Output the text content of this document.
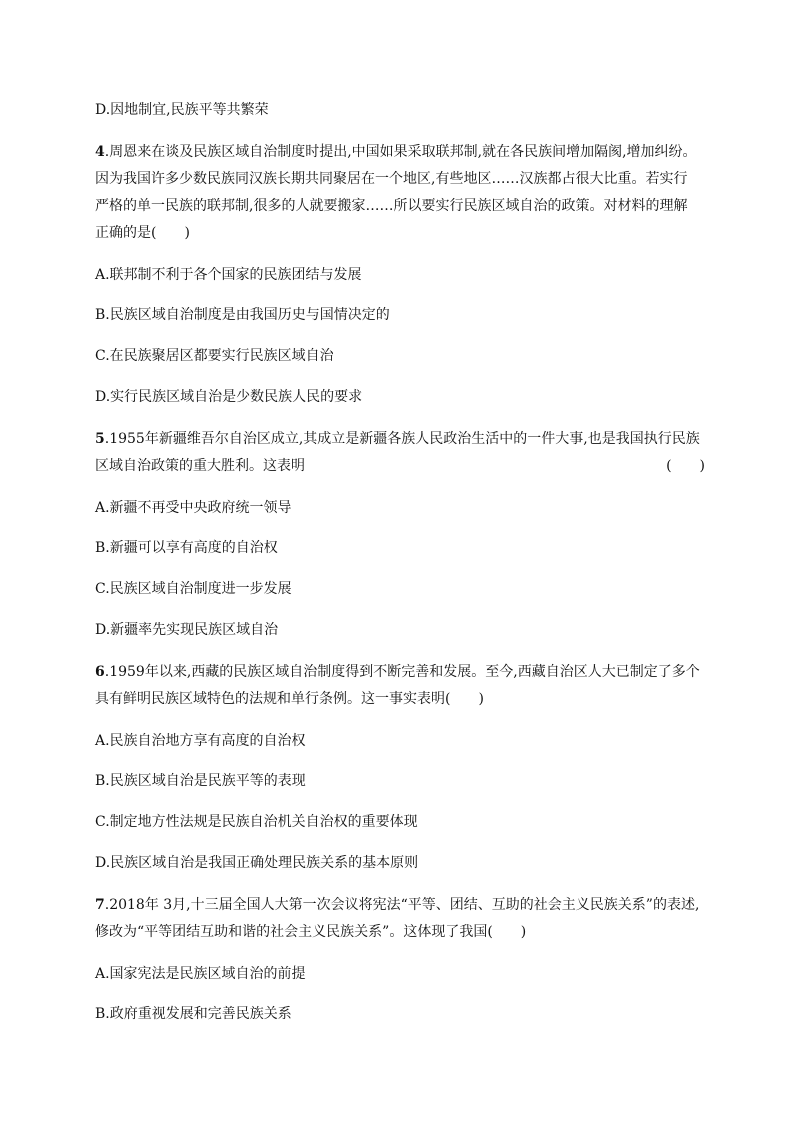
D.因地制宜,民族平等共繁荣
4.周恩来在谈及民族区域自治制度时提出,中国如果采取联邦制,就在各民族间增加隔阂,增加纠纷。
因为我国许多少数民族同汉族长期共同聚居在一个地区,有些地区……汉族都占很大比重。若实行
严格的单一民族的联邦制,很多的人就要搬家……所以要实行民族区域自治的政策。对材料的理解
正确的是(　　)
A.联邦制不利于各个国家的民族团结与发展
B.民族区域自治制度是由我国历史与国情决定的
C.在民族聚居区都要实行民族区域自治
D.实行民族区域自治是少数民族人民的要求
5.1955年新疆维吾尔自治区成立,其成立是新疆各族人民政治生活中的一件大事,也是我国执行民族
区域自治政策的重大胜利。这表明	(　　)
A.新疆不再受中央政府统一领导
B.新疆可以享有高度的自治权
C.民族区域自治制度进一步发展
D.新疆率先实现民族区域自治
6.1959年以来,西藏的民族区域自治制度得到不断完善和发展。至今,西藏自治区人大已制定了多个
具有鲜明民族区域特色的法规和单行条例。这一事实表明(　　)
A.民族自治地方享有高度的自治权
B.民族区域自治是民族平等的表现
C.制定地方性法规是民族自治机关自治权的重要体现
D.民族区域自治是我国正确处理民族关系的基本原则
7.2018年 3月,十三届全国人大第一次会议将宪法“平等、团结、互助的社会主义民族关系”的表述,
修改为“平等团结互助和谐的社会主义民族关系”。这体现了我国(　　)
A.国家宪法是民族区域自治的前提
B.政府重视发展和完善民族关系
